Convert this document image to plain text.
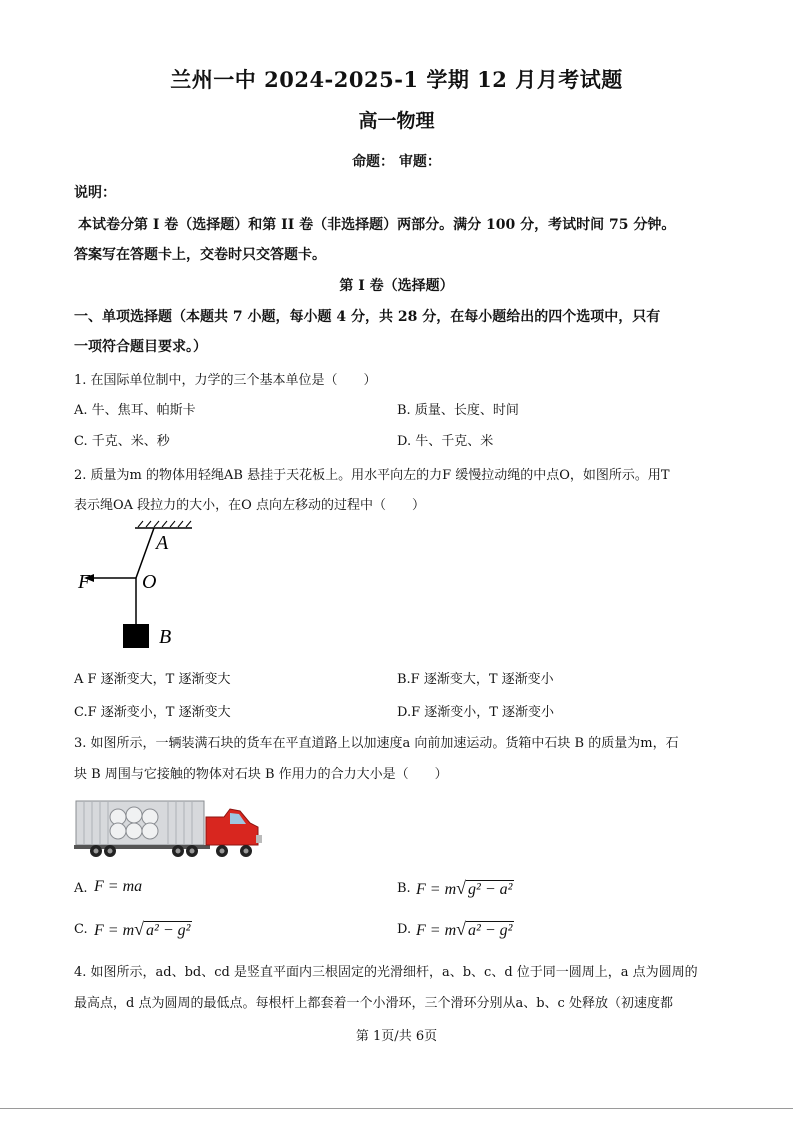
兰州一中 2024-2025-1 学期 12 月月考试题
高一物理
命题： 审题：
说明：
本试卷分第 I 卷（选择题）和第 II 卷（非选择题）两部分。满分 100 分，考试时间 75 分钟。
答案写在答题卡上，交卷时只交答题卡。
第 I 卷（选择题）
一、单项选择题（本题共 7 小题，每小题 4 分，共 28 分，在每小题给出的四个选项中，只有
一项符合题目要求。）
1. 在国际单位制中，力学的三个基本单位是（　　）
A. 牛、焦耳、帕斯卡	B. 质量、长度、时间
C. 千克、米、秒	D. 牛、千克、米
2. 质量为m 的物体用轻绳AB 悬挂于天花板上。用水平向左的力F 缓慢拉动绳的中点O，如图所示。用T
表示绳OA 段拉力的大小，在O 点向左移动的过程中（　　）
A
O
F
B
A F 逐渐变大，T 逐渐变大	B.F 逐渐变大，T 逐渐变小
C.F 逐渐变小，T 逐渐变大	D.F 逐渐变小，T 逐渐变小
3. 如图所示，一辆装满石块的货车在平直道路上以加速度a 向前加速运动。货箱中石块 B 的质量为m，石
块 B 周围与它接触的物体对石块 B 作用力的合力大小是（　　）
A. F = ma	B. F = m√ g² − a²
C. F = m√ a² − g²	D. F = m√ a² − g²
4. 如图所示，ad、bd、cd 是竖直平面内三根固定的光滑细杆，a、b、c、d 位于同一圆周上，a 点为圆周的
最高点，d 点为圆周的最低点。每根杆上都套着一个小滑环，三个滑环分别从a、b、c 处释放（初速度都
第 1页/共 6页
